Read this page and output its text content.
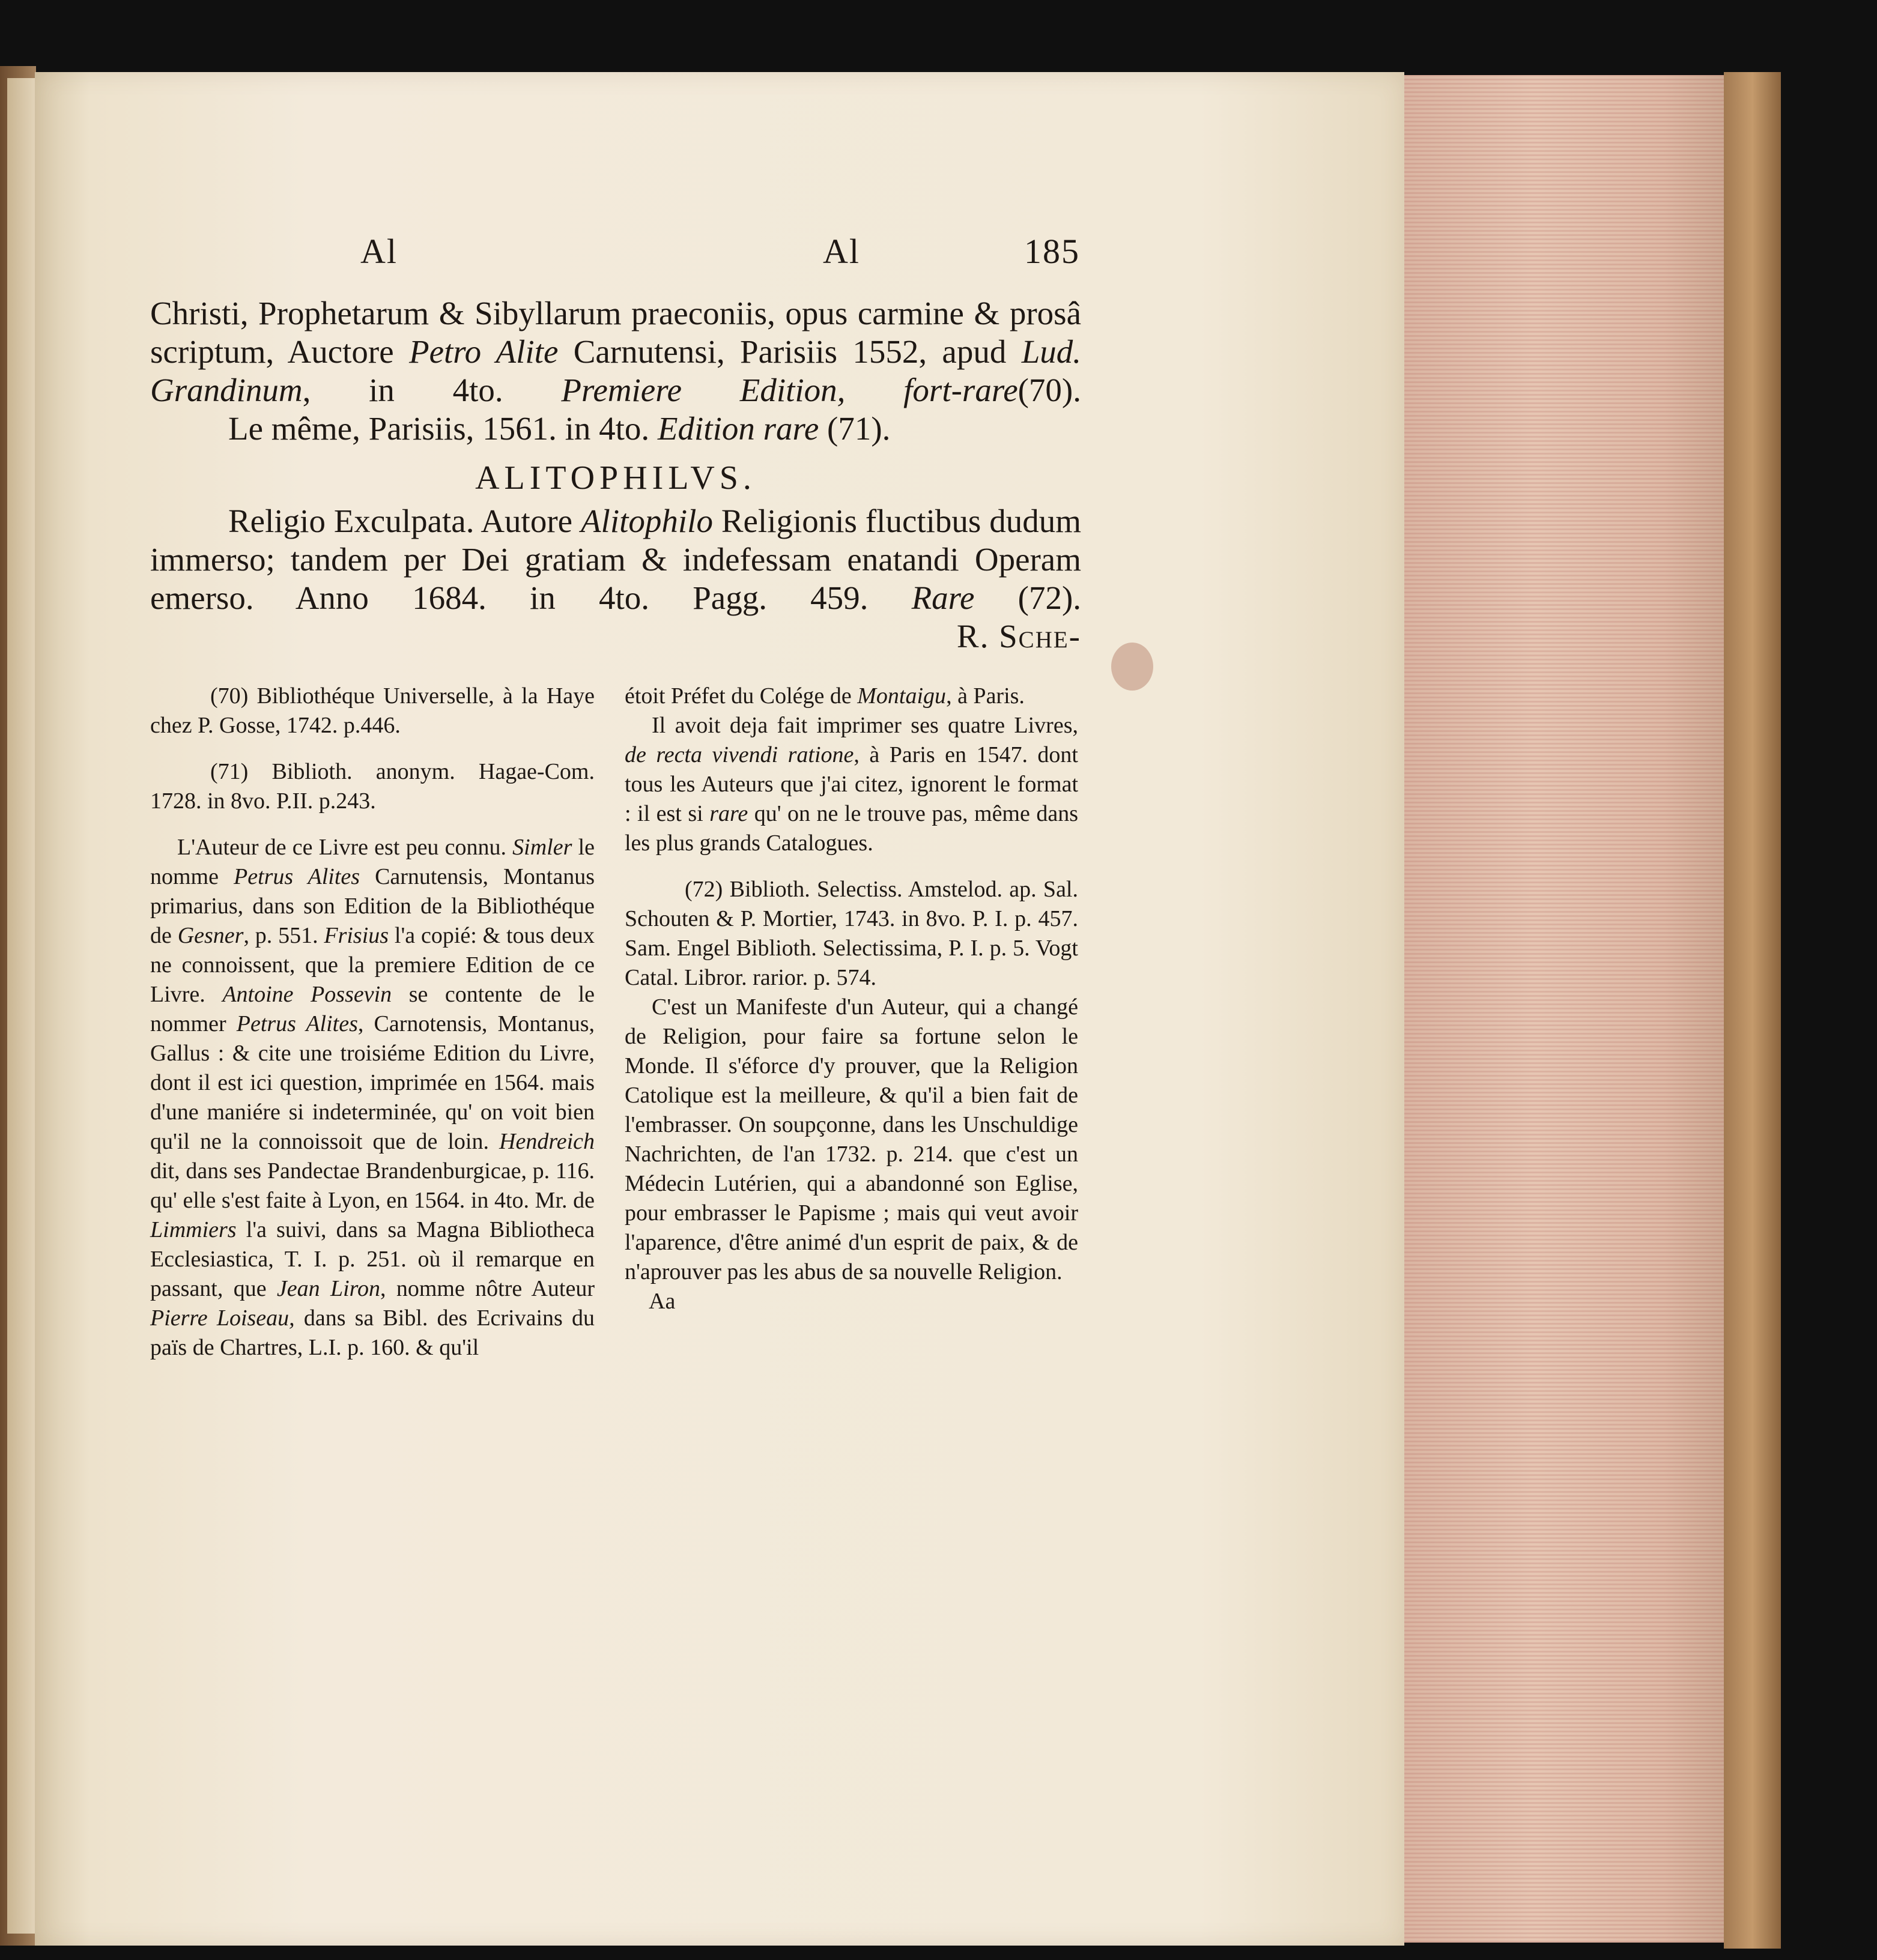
Al	Al	185

Christi, Prophetarum & Sibyllarum praeconiis, opus carmine & prosâ scriptum, Auctore Petro Alite Carnutensi, Parisiis 1552, apud Lud. Grandinum, in 4to. Premiere Edition, fort-rare(70).

Le même, Parisiis, 1561. in 4to. Edition rare (71).

ALITOPHILVS.

Religio Exculpata. Autore Alitophilo Religionis fluctibus dudum immerso; tandem per Dei gratiam & indefessam enatandi Operam emerso. Anno 1684. in 4to. Pagg. 459. Rare (72).

R. Sche-

(70) Bibliothéque Universelle, à la Haye chez P. Gosse, 1742. p.446.

(71) Biblioth. anonym. Hagae-Com. 1728. in 8vo. P.II. p.243.

L'Auteur de ce Livre est peu connu. Simler le nomme Petrus Alites Carnutensis, Montanus primarius, dans son Edition de la Bibliothéque de Gesner, p. 551. Frisius l'a copié: & tous deux ne connoissent, que la premiere Edition de ce Livre. Antoine Possevin se contente de le nommer Petrus Alites, Carnotensis, Montanus, Gallus : & cite une troisiéme Edition du Livre, dont il est ici question, imprimée en 1564. mais d'une maniére si indeterminée, qu' on voit bien qu'il ne la connoissoit que de loin. Hendreich dit, dans ses Pandectae Brandenburgicae, p. 116. qu' elle s'est faite à Lyon, en 1564. in 4to. Mr. de Limmiers l'a suivi, dans sa Magna Bibliotheca Ecclesiastica, T. I. p. 251. où il remarque en passant, que Jean Liron, nomme nôtre Auteur Pierre Loiseau, dans sa Bibl. des Ecrivains du païs de Chartres, L.I. p. 160. & qu'il

étoit Préfet du Colége de Montaigu, à Paris.

Il avoit deja fait imprimer ses quatre Livres, de recta vivendi ratione, à Paris en 1547. dont tous les Auteurs que j'ai citez, ignorent le format : il est si rare qu' on ne le trouve pas, même dans les plus grands Catalogues.

(72) Biblioth. Selectiss. Amstelod. ap. Sal. Schouten & P. Mortier, 1743. in 8vo. P. I. p. 457. Sam. Engel Biblioth. Selectissima, P. I. p. 5. Vogt Catal. Libror. rarior. p. 574.

C'est un Manifeste d'un Auteur, qui a changé de Religion, pour faire sa fortune selon le Monde. Il s'éforce d'y prouver, que la Religion Catolique est la meilleure, & qu'il a bien fait de l'embrasser. On soupçonne, dans les Unschuldige Nachrichten, de l'an 1732. p. 214. que c'est un Médecin Lutérien, qui a abandonné son Eglise, pour embrasser le Papisme ; mais qui veut avoir l'aparence, d'être animé d'un esprit de paix, & de n'aprouver pas les abus de sa nouvelle Religion.

Aa
